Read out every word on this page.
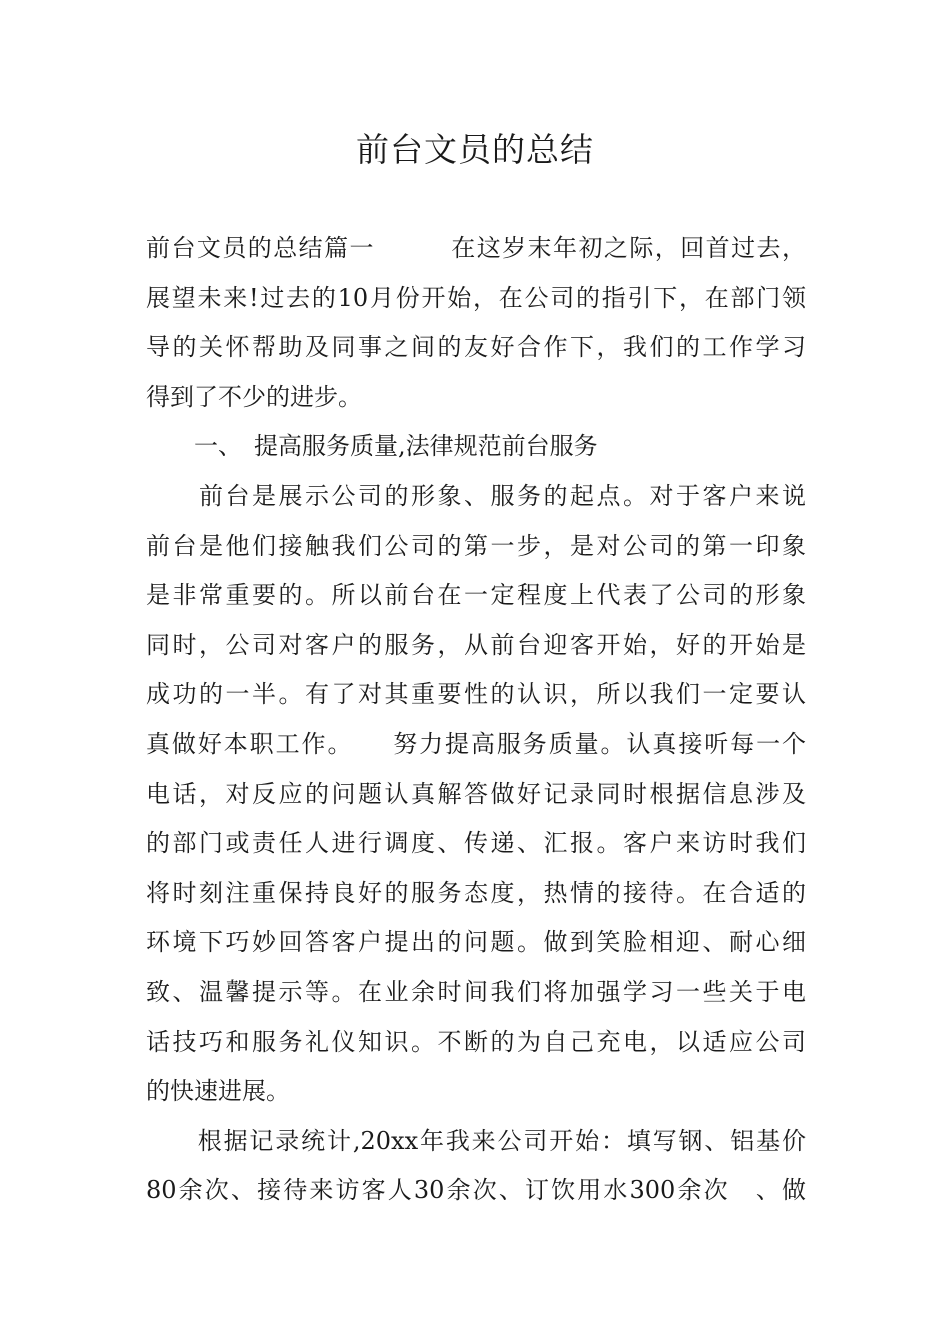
前台文员的总结
前台文员的总结篇一　　　在这岁末年初之际，回首过去，
展望未来!过去的10月份开始，在公司的指引下，在部门领
导的关怀帮助及同事之间的友好合作下，我们的工作学习
得到了不少的进步。
　　一、　提高服务质量,法律规范前台服务
　　前台是展示公司的形象、服务的起点。对于客户来说
前台是他们接触我们公司的第一步，是对公司的第一印象
是非常重要的。所以前台在一定程度上代表了公司的形象
同时，公司对客户的服务，从前台迎客开始，好的开始是
成功的一半。有了对其重要性的认识，所以我们一定要认
真做好本职工作。　　努力提高服务质量。认真接听每一个
电话，对反应的问题认真解答做好记录同时根据信息涉及
的部门或责任人进行调度、传递、汇报。客户来访时我们
将时刻注重保持良好的服务态度，热情的接待。在合适的
环境下巧妙回答客户提出的问题。做到笑脸相迎、耐心细
致、温馨提示等。在业余时间我们将加强学习一些关于电
话技巧和服务礼仪知识。不断的为自己充电，以适应公司
的快速进展。
　　根据记录统计,20xx年我来公司开始：填写钢、铝基价
80余次、接待来访客人30余次、订饮用水300余次　、做
